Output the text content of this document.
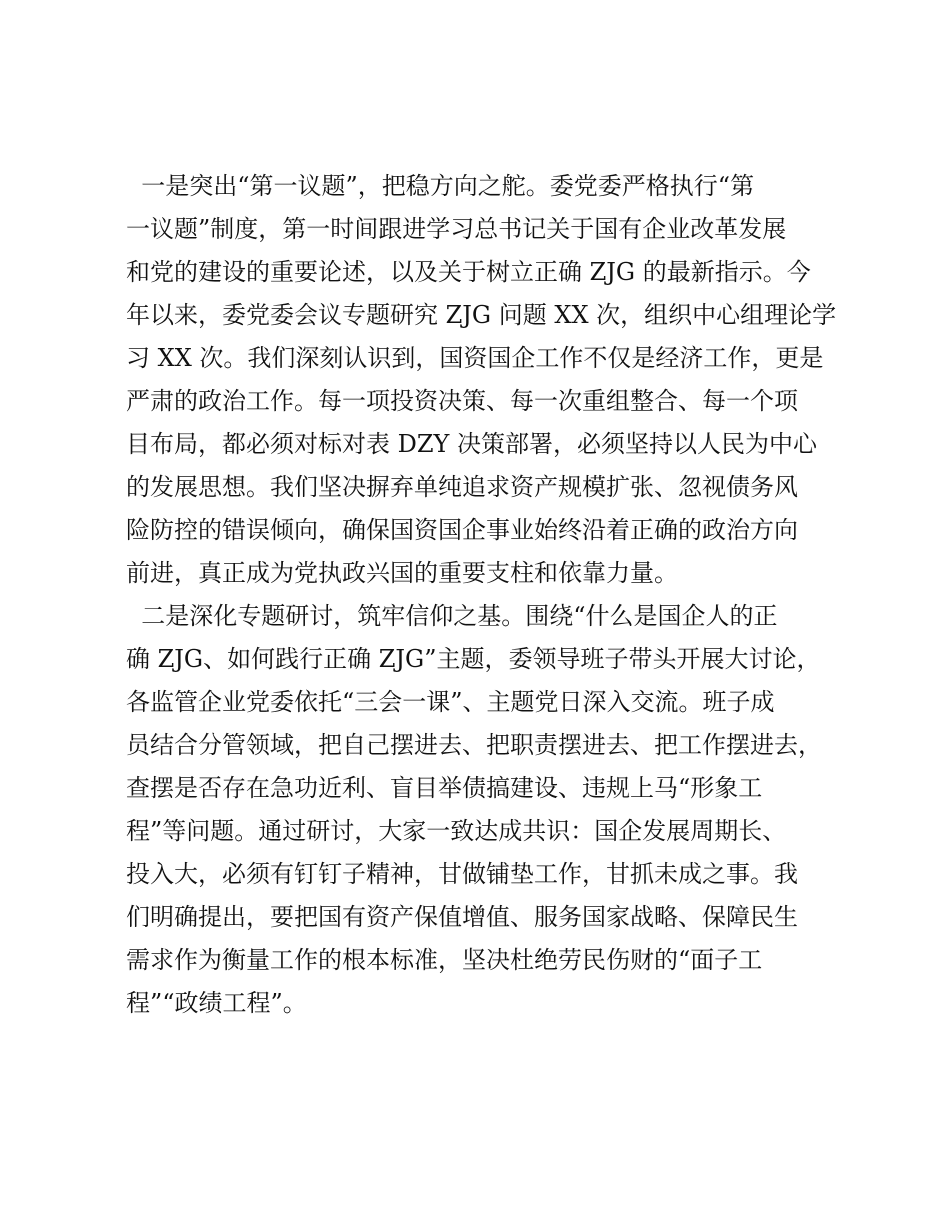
一是突出“第一议题”，把稳方向之舵。委党委严格执行“第
一议题”制度，第一时间跟进学习总书记关于国有企业改革发展
和党的建设的重要论述，以及关于树立正确 ZJG 的最新指示。今
年以来，委党委会议专题研究 ZJG 问题 XX 次，组织中心组理论学
习 XX 次。我们深刻认识到，国资国企工作不仅是经济工作，更是
严肃的政治工作。每一项投资决策、每一次重组整合、每一个项
目布局，都必须对标对表 DZY 决策部署，必须坚持以人民为中心
的发展思想。我们坚决摒弃单纯追求资产规模扩张、忽视债务风
险防控的错误倾向，确保国资国企事业始终沿着正确的政治方向
前进，真正成为党执政兴国的重要支柱和依靠力量。
二是深化专题研讨，筑牢信仰之基。围绕“什么是国企人的正
确 ZJG、如何践行正确 ZJG”主题，委领导班子带头开展大讨论，
各监管企业党委依托“三会一课”、主题党日深入交流。班子成
员结合分管领域，把自己摆进去、把职责摆进去、把工作摆进去，
查摆是否存在急功近利、盲目举债搞建设、违规上马“形象工
程”等问题。通过研讨，大家一致达成共识：国企发展周期长、
投入大，必须有钉钉子精神，甘做铺垫工作，甘抓未成之事。我
们明确提出，要把国有资产保值增值、服务国家战略、保障民生
需求作为衡量工作的根本标准，坚决杜绝劳民伤财的“面子工
程”“政绩工程”。
